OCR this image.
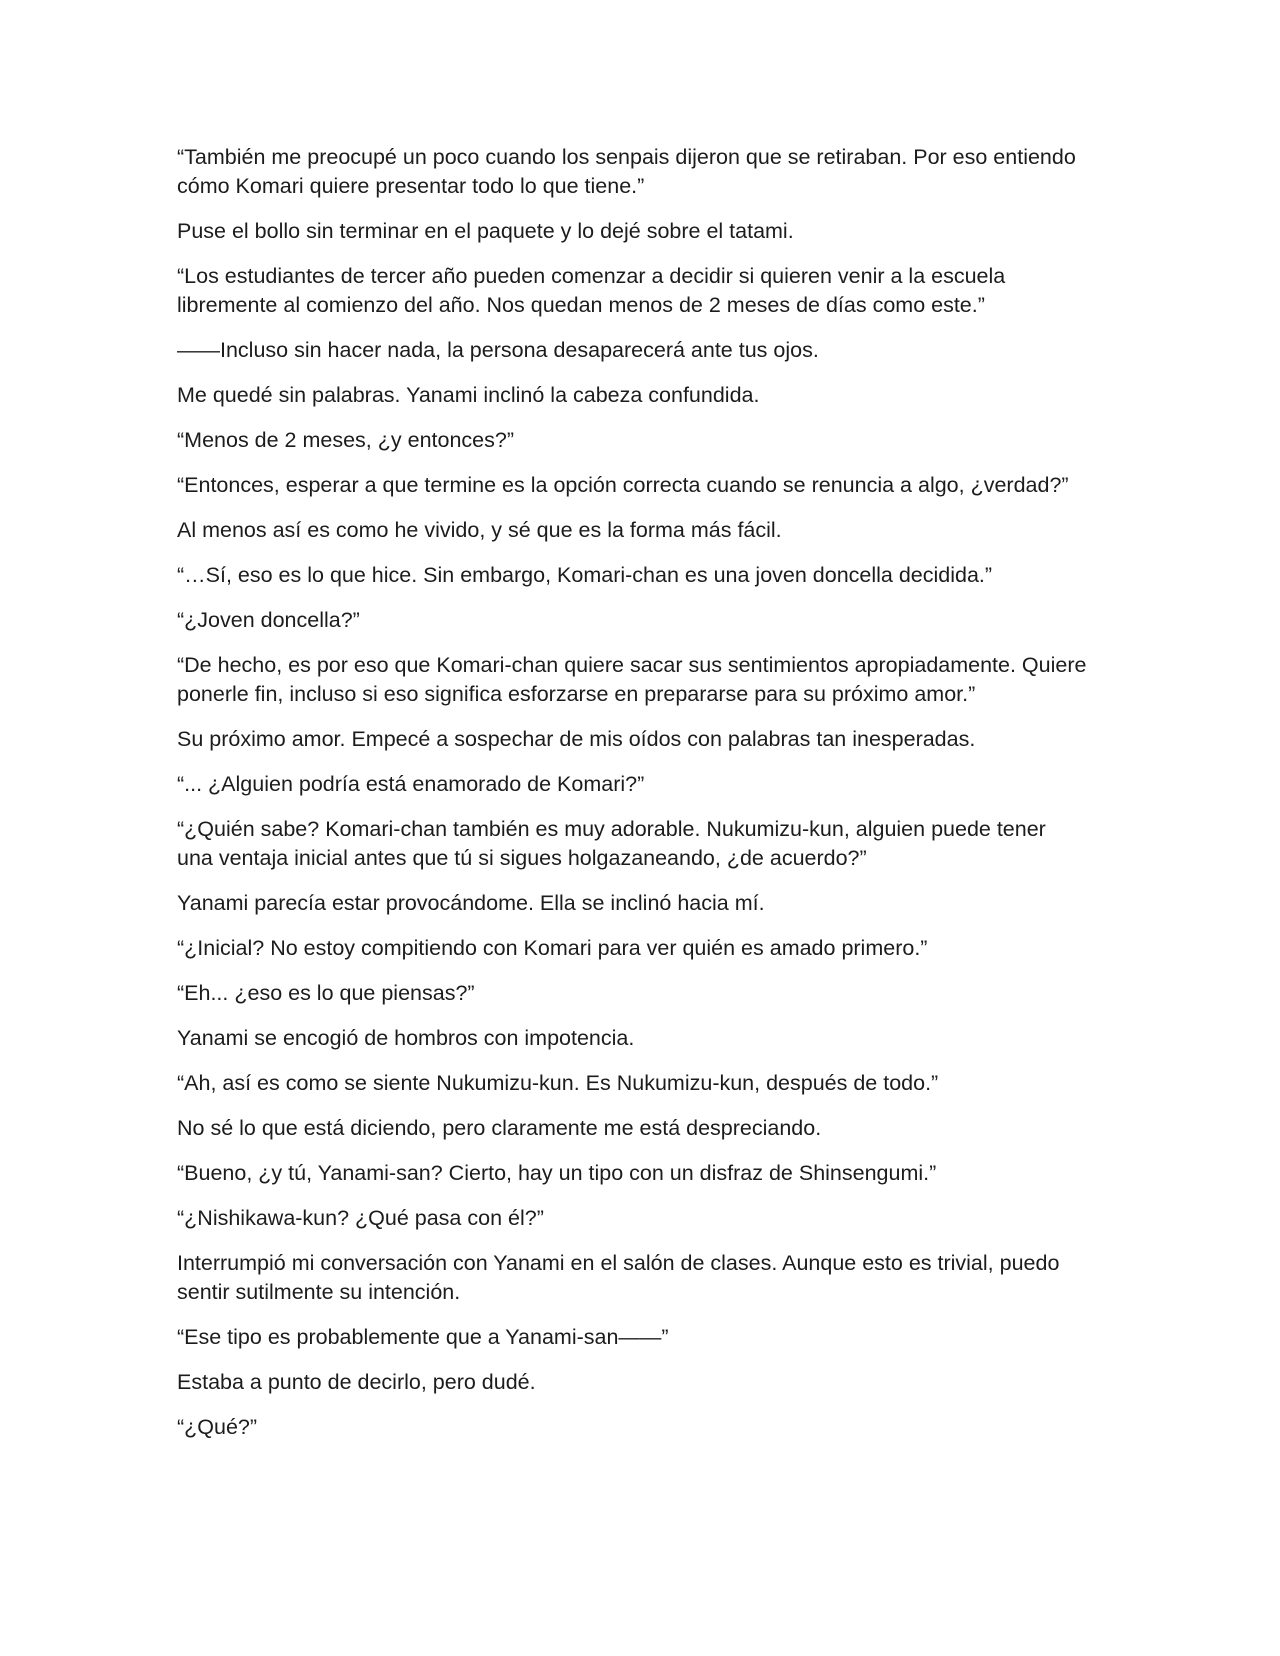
“También me preocupé un poco cuando los senpais dijeron que se retiraban. Por eso entiendo cómo Komari quiere presentar todo lo que tiene.”

Puse el bollo sin terminar en el paquete y lo dejé sobre el tatami.

“Los estudiantes de tercer año pueden comenzar a decidir si quieren venir a la escuela libremente al comienzo del año. Nos quedan menos de 2 meses de días como este.”

——Incluso sin hacer nada, la persona desaparecerá ante tus ojos.

Me quedé sin palabras. Yanami inclinó la cabeza confundida.

“Menos de 2 meses, ¿y entonces?”

“Entonces, esperar a que termine es la opción correcta cuando se renuncia a algo, ¿verdad?”

Al menos así es como he vivido, y sé que es la forma más fácil.

“…Sí, eso es lo que hice. Sin embargo, Komari-chan es una joven doncella decidida.”

“¿Joven doncella?”

“De hecho, es por eso que Komari-chan quiere sacar sus sentimientos apropiadamente. Quiere ponerle fin, incluso si eso significa esforzarse en prepararse para su próximo amor.”

Su próximo amor. Empecé a sospechar de mis oídos con palabras tan inesperadas.

“... ¿Alguien podría está enamorado de Komari?”

“¿Quién sabe? Komari-chan también es muy adorable. Nukumizu-kun, alguien puede tener una ventaja inicial antes que tú si sigues holgazaneando, ¿de acuerdo?”

Yanami parecía estar provocándome. Ella se inclinó hacia mí.

“¿Inicial? No estoy compitiendo con Komari para ver quién es amado primero.”

“Eh... ¿eso es lo que piensas?”

Yanami se encogió de hombros con impotencia.

“Ah, así es como se siente Nukumizu-kun. Es Nukumizu-kun, después de todo.”

No sé lo que está diciendo, pero claramente me está despreciando.

“Bueno, ¿y tú, Yanami-san? Cierto, hay un tipo con un disfraz de Shinsengumi.”

“¿Nishikawa-kun? ¿Qué pasa con él?”

Interrumpió mi conversación con Yanami en el salón de clases. Aunque esto es trivial, puedo sentir sutilmente su intención.

“Ese tipo es probablemente que a Yanami-san——”

Estaba a punto de decirlo, pero dudé.

“¿Qué?”
